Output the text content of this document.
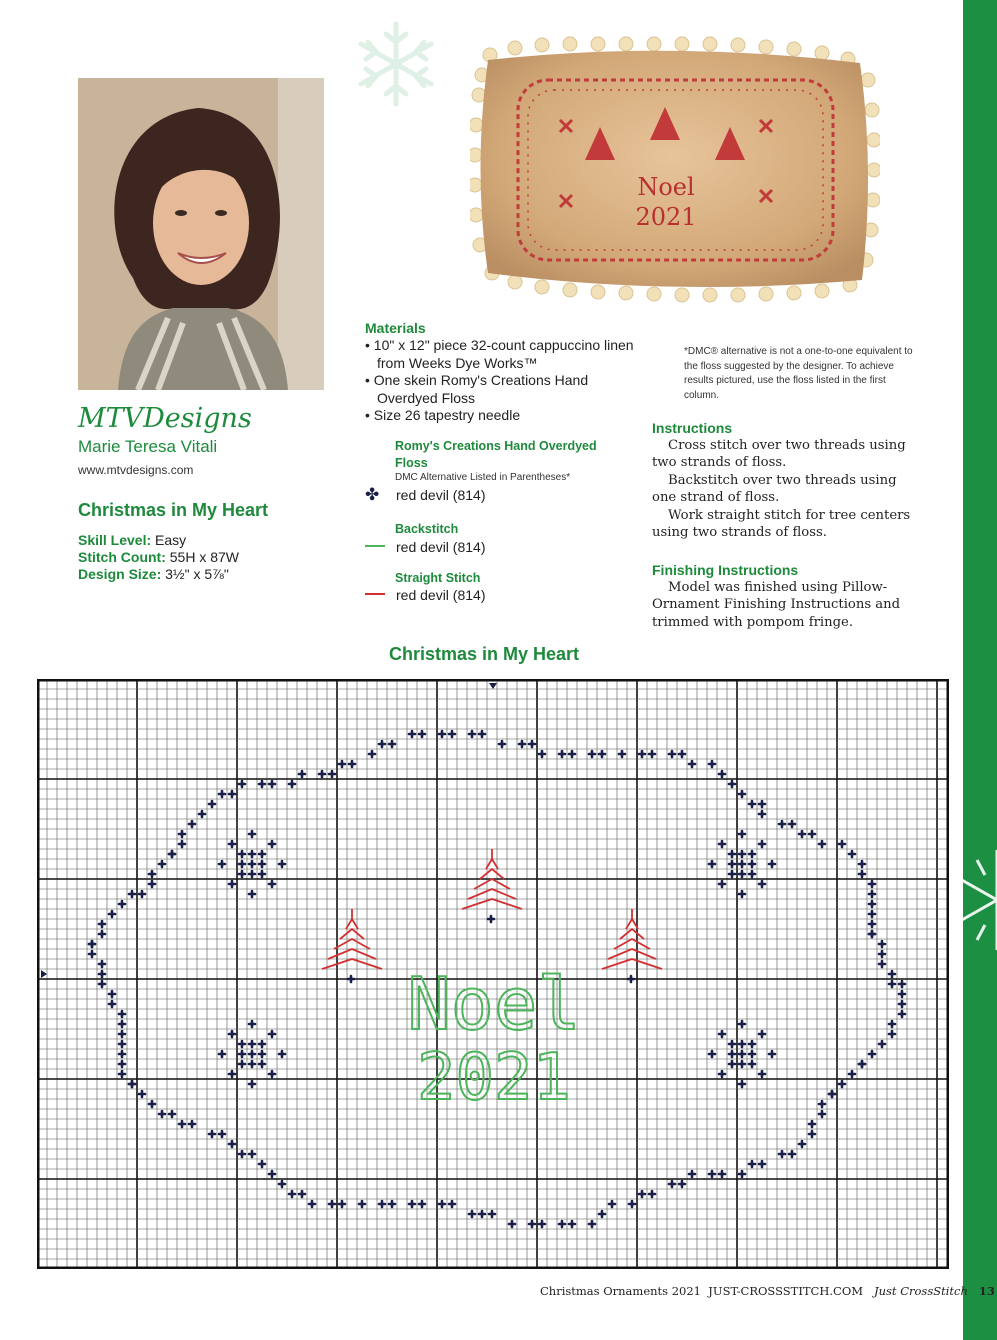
MTVDesigns
Marie Teresa Vitali
www.mtvdesigns.com
Christmas in My Heart
Skill Level: Easy
Stitch Count: 55H x 87W
Design Size: 3½" x 5⅞"
Noel
2021
Materials
• 10" x 12" piece 32-count cappuccino linen from Weeks Dye Works™
• One skein Romy's Creations Hand Overdyed Floss
• Size 26 tapestry needle
Romy's Creations Hand Overdyed Floss
DMC Alternative Listed in Parentheses*
✤ red devil (814)
Backstitch
red devil (814)
Straight Stitch
red devil (814)
*DMC® alternative is not a one-to-one equivalent to the floss suggested by the designer. To achieve results pictured, use the floss listed in the first column.
Instructions

Cross stitch over two threads using two strands of floss.

Backstitch over two threads using one strand of floss.

Work straight stitch for tree centers using two strands of floss.

Finishing Instructions

Model was finished using Pillow-Ornament Finishing Instructions and trimmed with pompom fringe.

Christmas in My Heart
Noel
2021
Christmas Ornaments 2021 JUST-CROSSSTITCH.COM Just CrossStitch 13
